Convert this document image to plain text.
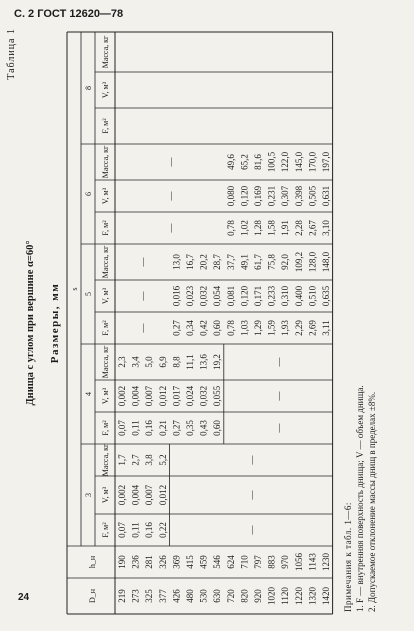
С. 2 ГОСТ 12620—78
24
Днища с углом при вершине α=60° Размеры, мм
Таблица 1
D_н
h_н
s
3
F, м²
V, м³
Масса, кг
4
F, м²
V, м³
Масса, кг
5
F, м²
V, м³
Масса, кг
6
F, м²
V, м³
Масса, кг
8
F, м²
V, м³
Масса, кг
219
190
0,07
0,002
1,7
0,07
0,002
2,3
273
236
0,11
0,004
2,7
0,11
0,004
3,4
325
281
0,16
0,007
3,8
0,16
0,007
5,0
377
326
0,22
0,012
5,2
0,21
0,012
6,9
426
369
0,27
0,017
8,8
0,27
0,016
13,0
480
415
0,35
0,024
11,1
0,34
0,023
16,7
530
459
0,43
0,032
13,6
0,42
0,032
20,2
630
546
0,60
0,055
19,2
0,60
0,054
28,7
720
624
0,78
0,081
37,7
0,78
0,080
49,6
820
710
1,03
0,120
49,1
1,02
0,120
65,2
920
797
1,29
0,171
61,7
1,28
0,169
81,6
1020
883
1,59
0,233
75,8
1,58
0,231
100,5
1120
970
1,93
0,310
92,0
1,91
0,307
122,0
1220
1056
2,29
0,400
109,2
2,28
0,398
145,0
1320
1143
2,69
0,510
128,0
2,67
0,505
170,0
1420
1230
3,11
0,635
148,0
3,10
0,631
197,0
—
—
—
—
—
—
—
—
—
—
—
—
Примечания к табл. 1—6: 1. F — внутренняя поверхность днища; V — объем днища. 2. Допускаемое отклонение массы днищ в пределах ±8%.
